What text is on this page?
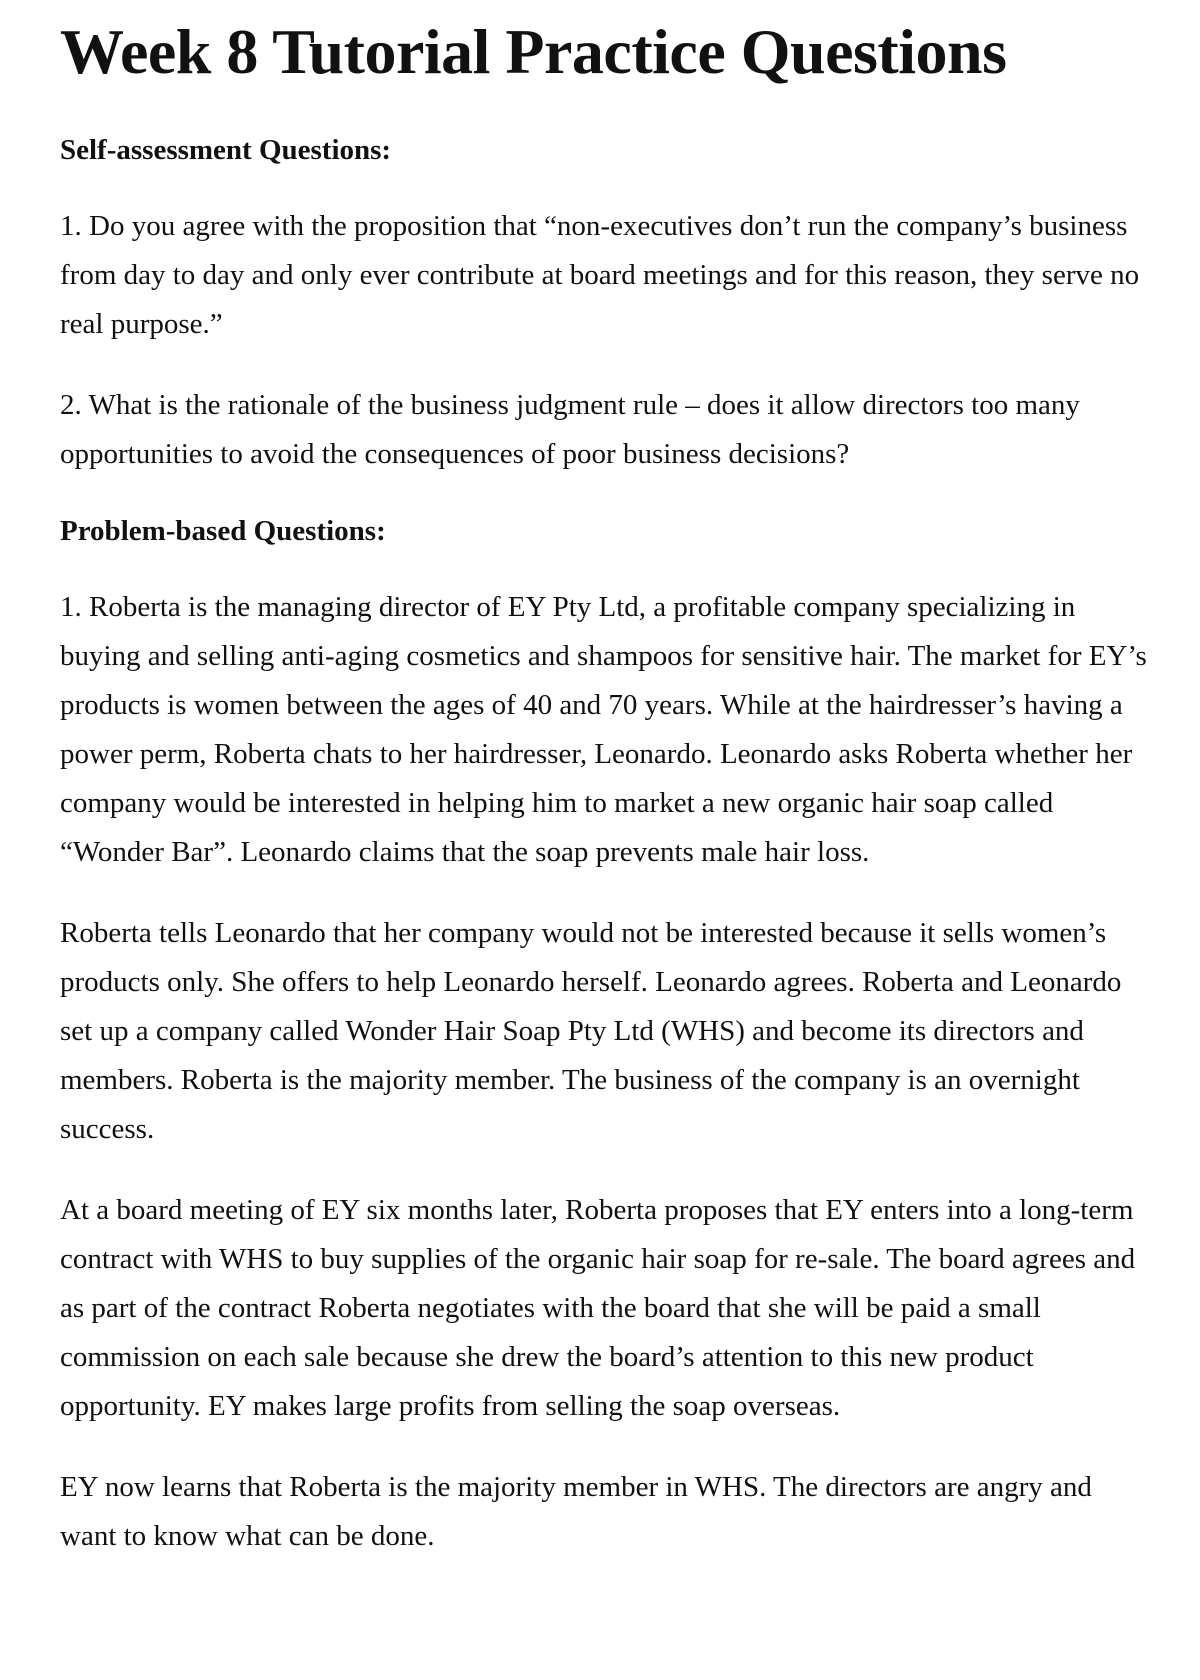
Week 8 Tutorial Practice Questions
Self-assessment Questions:

1. Do you agree with the proposition that “non-executives don’t run the company’s business from day to day and only ever contribute at board meetings and for this reason, they serve no real purpose.”

2. What is the rationale of the business judgment rule – does it allow directors too many opportunities to avoid the consequences of poor business decisions?

Problem-based Questions:

1. Roberta is the managing director of EY Pty Ltd, a profitable company specializing in buying and selling anti-aging cosmetics and shampoos for sensitive hair. The market for EY’s products is women between the ages of 40 and 70 years. While at the hairdresser’s having a power perm, Roberta chats to her hairdresser, Leonardo. Leonardo asks Roberta whether her company would be interested in helping him to market a new organic hair soap called “Wonder Bar”. Leonardo claims that the soap prevents male hair loss.

Roberta tells Leonardo that her company would not be interested because it sells women’s products only. She offers to help Leonardo herself. Leonardo agrees. Roberta and Leonardo set up a company called Wonder Hair Soap Pty Ltd (WHS) and become its directors and members. Roberta is the majority member. The business of the company is an overnight success.

At a board meeting of EY six months later, Roberta proposes that EY enters into a long-term contract with WHS to buy supplies of the organic hair soap for re-sale. The board agrees and as part of the contract Roberta negotiates with the board that she will be paid a small commission on each sale because she drew the board’s attention to this new product opportunity. EY makes large profits from selling the soap overseas.

EY now learns that Roberta is the majority member in WHS. The directors are angry and want to know what can be done.
